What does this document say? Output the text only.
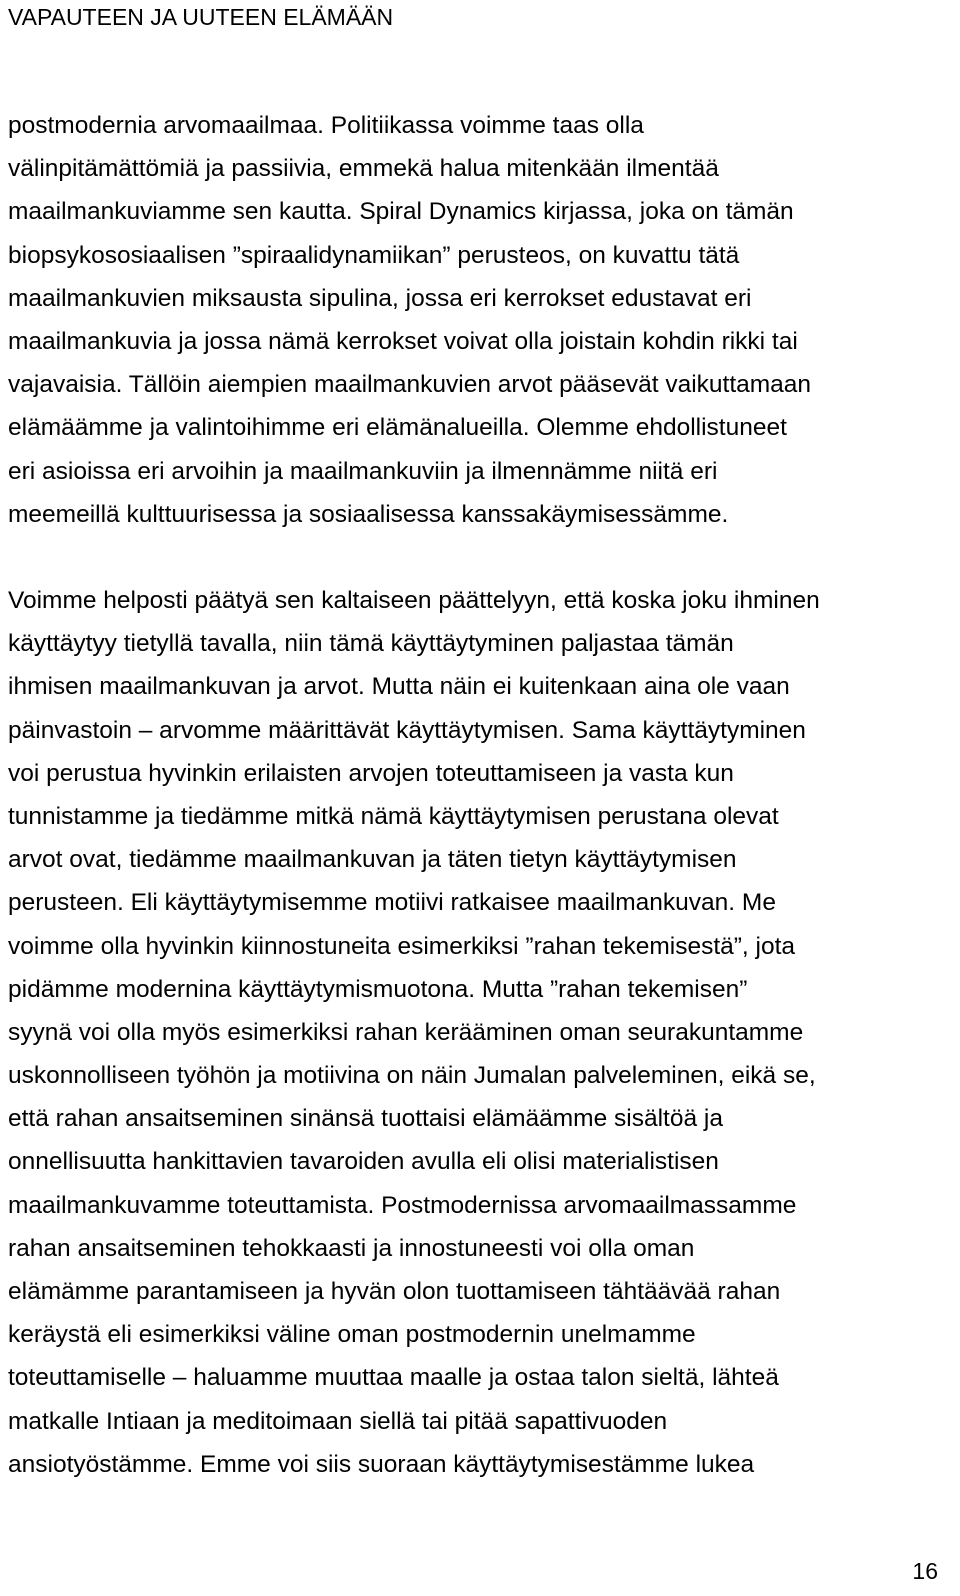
VAPAUTEEN JA UUTEEN ELÄMÄÄN
postmodernia arvomaailmaa. Politiikassa voimme taas olla
välinpitämättömiä ja passiivia, emmekä halua mitenkään ilmentää
maailmankuviamme sen kautta. Spiral Dynamics kirjassa, joka on tämän
biopsykososiaalisen ”spiraalidynamiikan” perusteos, on kuvattu tätä
maailmankuvien miksausta sipulina, jossa eri kerrokset edustavat eri
maailmankuvia ja jossa nämä kerrokset voivat olla joistain kohdin rikki tai
vajavaisia. Tällöin aiempien maailmankuvien arvot pääsevät vaikuttamaan
elämäämme ja valintoihimme eri elämänalueilla. Olemme ehdollistuneet
eri asioissa eri arvoihin ja maailmankuviin ja ilmennämme niitä eri
meemeillä kulttuurisessa ja sosiaalisessa kanssakäymisessämme.
Voimme helposti päätyä sen kaltaiseen päättelyyn, että koska joku ihminen
käyttäytyy tietyllä tavalla, niin tämä käyttäytyminen paljastaa tämän
ihmisen maailmankuvan ja arvot. Mutta näin ei kuitenkaan aina ole vaan
päinvastoin – arvomme määrittävät käyttäytymisen. Sama käyttäytyminen
voi perustua hyvinkin erilaisten arvojen toteuttamiseen ja vasta kun
tunnistamme ja tiedämme mitkä nämä käyttäytymisen perustana olevat
arvot ovat, tiedämme maailmankuvan ja täten tietyn käyttäytymisen
perusteen. Eli käyttäytymisemme motiivi ratkaisee maailmankuvan. Me
voimme olla hyvinkin kiinnostuneita esimerkiksi ”rahan tekemisestä”, jota
pidämme modernina käyttäytymismuotona. Mutta ”rahan tekemisen”
syynä voi olla myös esimerkiksi rahan kerääminen oman seurakuntamme
uskonnolliseen työhön ja motiivina on näin Jumalan palveleminen, eikä se,
että rahan ansaitseminen sinänsä tuottaisi elämäämme sisältöä ja
onnellisuutta hankittavien tavaroiden avulla eli olisi materialistisen
maailmankuvamme toteuttamista. Postmodernissa arvomaailmassamme
rahan ansaitseminen tehokkaasti ja innostuneesti voi olla oman
elämämme parantamiseen ja hyvän olon tuottamiseen tähtäävää rahan
keräystä eli esimerkiksi väline oman postmodernin unelmamme
toteuttamiselle – haluamme muuttaa maalle ja ostaa talon sieltä, lähteä
matkalle Intiaan ja meditoimaan siellä tai pitää sapattivuoden
ansiotyöstämme. Emme voi siis suoraan käyttäytymisestämme lukea
16
